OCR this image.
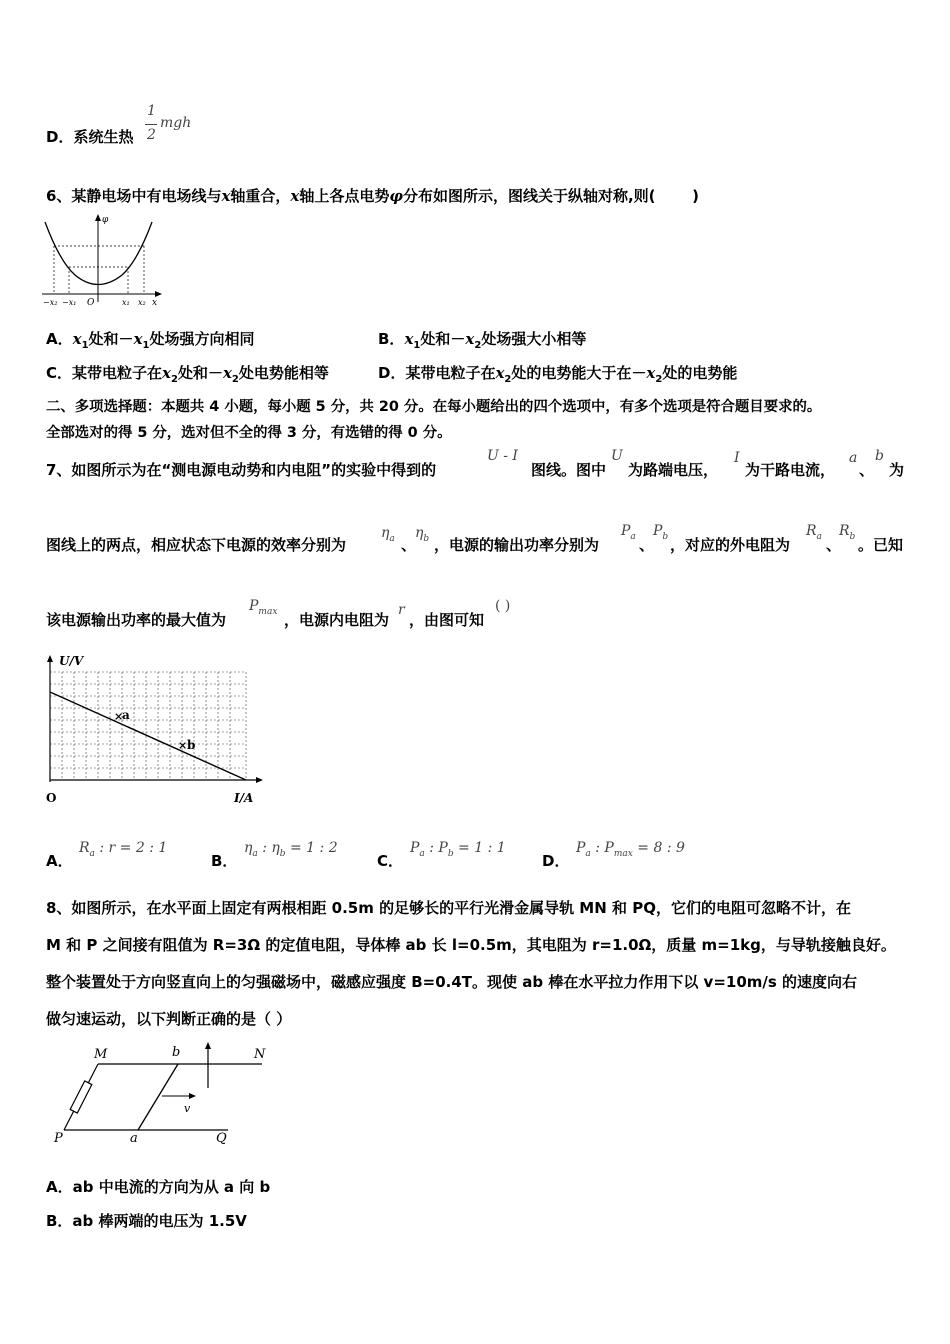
D．系统生热
1
2
mgh
6、某静电场中有电场线与x轴重合，x轴上各点电势φ分布如图所示，图线关于纵轴对称,则( )
φ
x
−x₂ −x₁ O	x₁ x₂
A．$x_1$处和$-x_1$处场强方向相同	B．$x_1$处和$-x_2$处场强大小相等
C．某带电粒子在$x_2$处和$-x_2$处电势能相等	D．某带电粒子在$x_2$处的电势能大于在$-x_2$处的电势能
二、多项选择题：本题共 4 小题，每小题 5 分，共 20 分。在每小题给出的四个选项中，有多个选项是符合题目要求的。
全部选对的得 5 分，选对但不全的得 3 分，有选错的得 0 分。
7、如图所示为在“测电源电动势和内电阻”的实验中得到的
U - I
图线。图中
U
为路端电压，
I
为干路电流，
a
、
b
为
图线上的两点，相应状态下电源的效率分别为
$\eta_a$ 、
$\eta_b$ ，电源的输出功率分别为
$P_a$ 、
$P_b$ ，对应的外电阻为
$R_a$ 、
$R_b$ 。已知
该电源输出功率的最大值为
$P_{max}$ ，电源内电阻为
r
，由图可知
( )
×
×
a
b
U/V
I/A
O
A．
$R_a$ : r = 2 : 1
B．
$\eta_a$ : $\eta_b = 1$ : 2
C．
$P_a$ : $P_b = 1$ : 1
D．
$P_a$ : $P_{max} = 8$ : 9
8、如图所示，在水平面上固定有两根相距 0.5m 的足够长的平行光滑金属导轨 MN 和 PQ，它们的电阻可忽略不计，在
M 和 P 之间接有阻值为 R=3Ω 的定值电阻，导体棒 ab 长 l=0.5m，其电阻为 r=1.0Ω，质量 m=1kg，与导轨接触良好。
整个装置处于方向竖直向上的匀强磁场中，磁感应强度 B=0.4T。现使 ab 棒在水平拉力作用下以 v=10m/s 的速度向右
做匀速运动，以下判断正确的是（ ）
v
M	N
P	Q
b
a
A．ab 中电流的方向为从 a 向 b
B．ab 棒两端的电压为 1.5V
